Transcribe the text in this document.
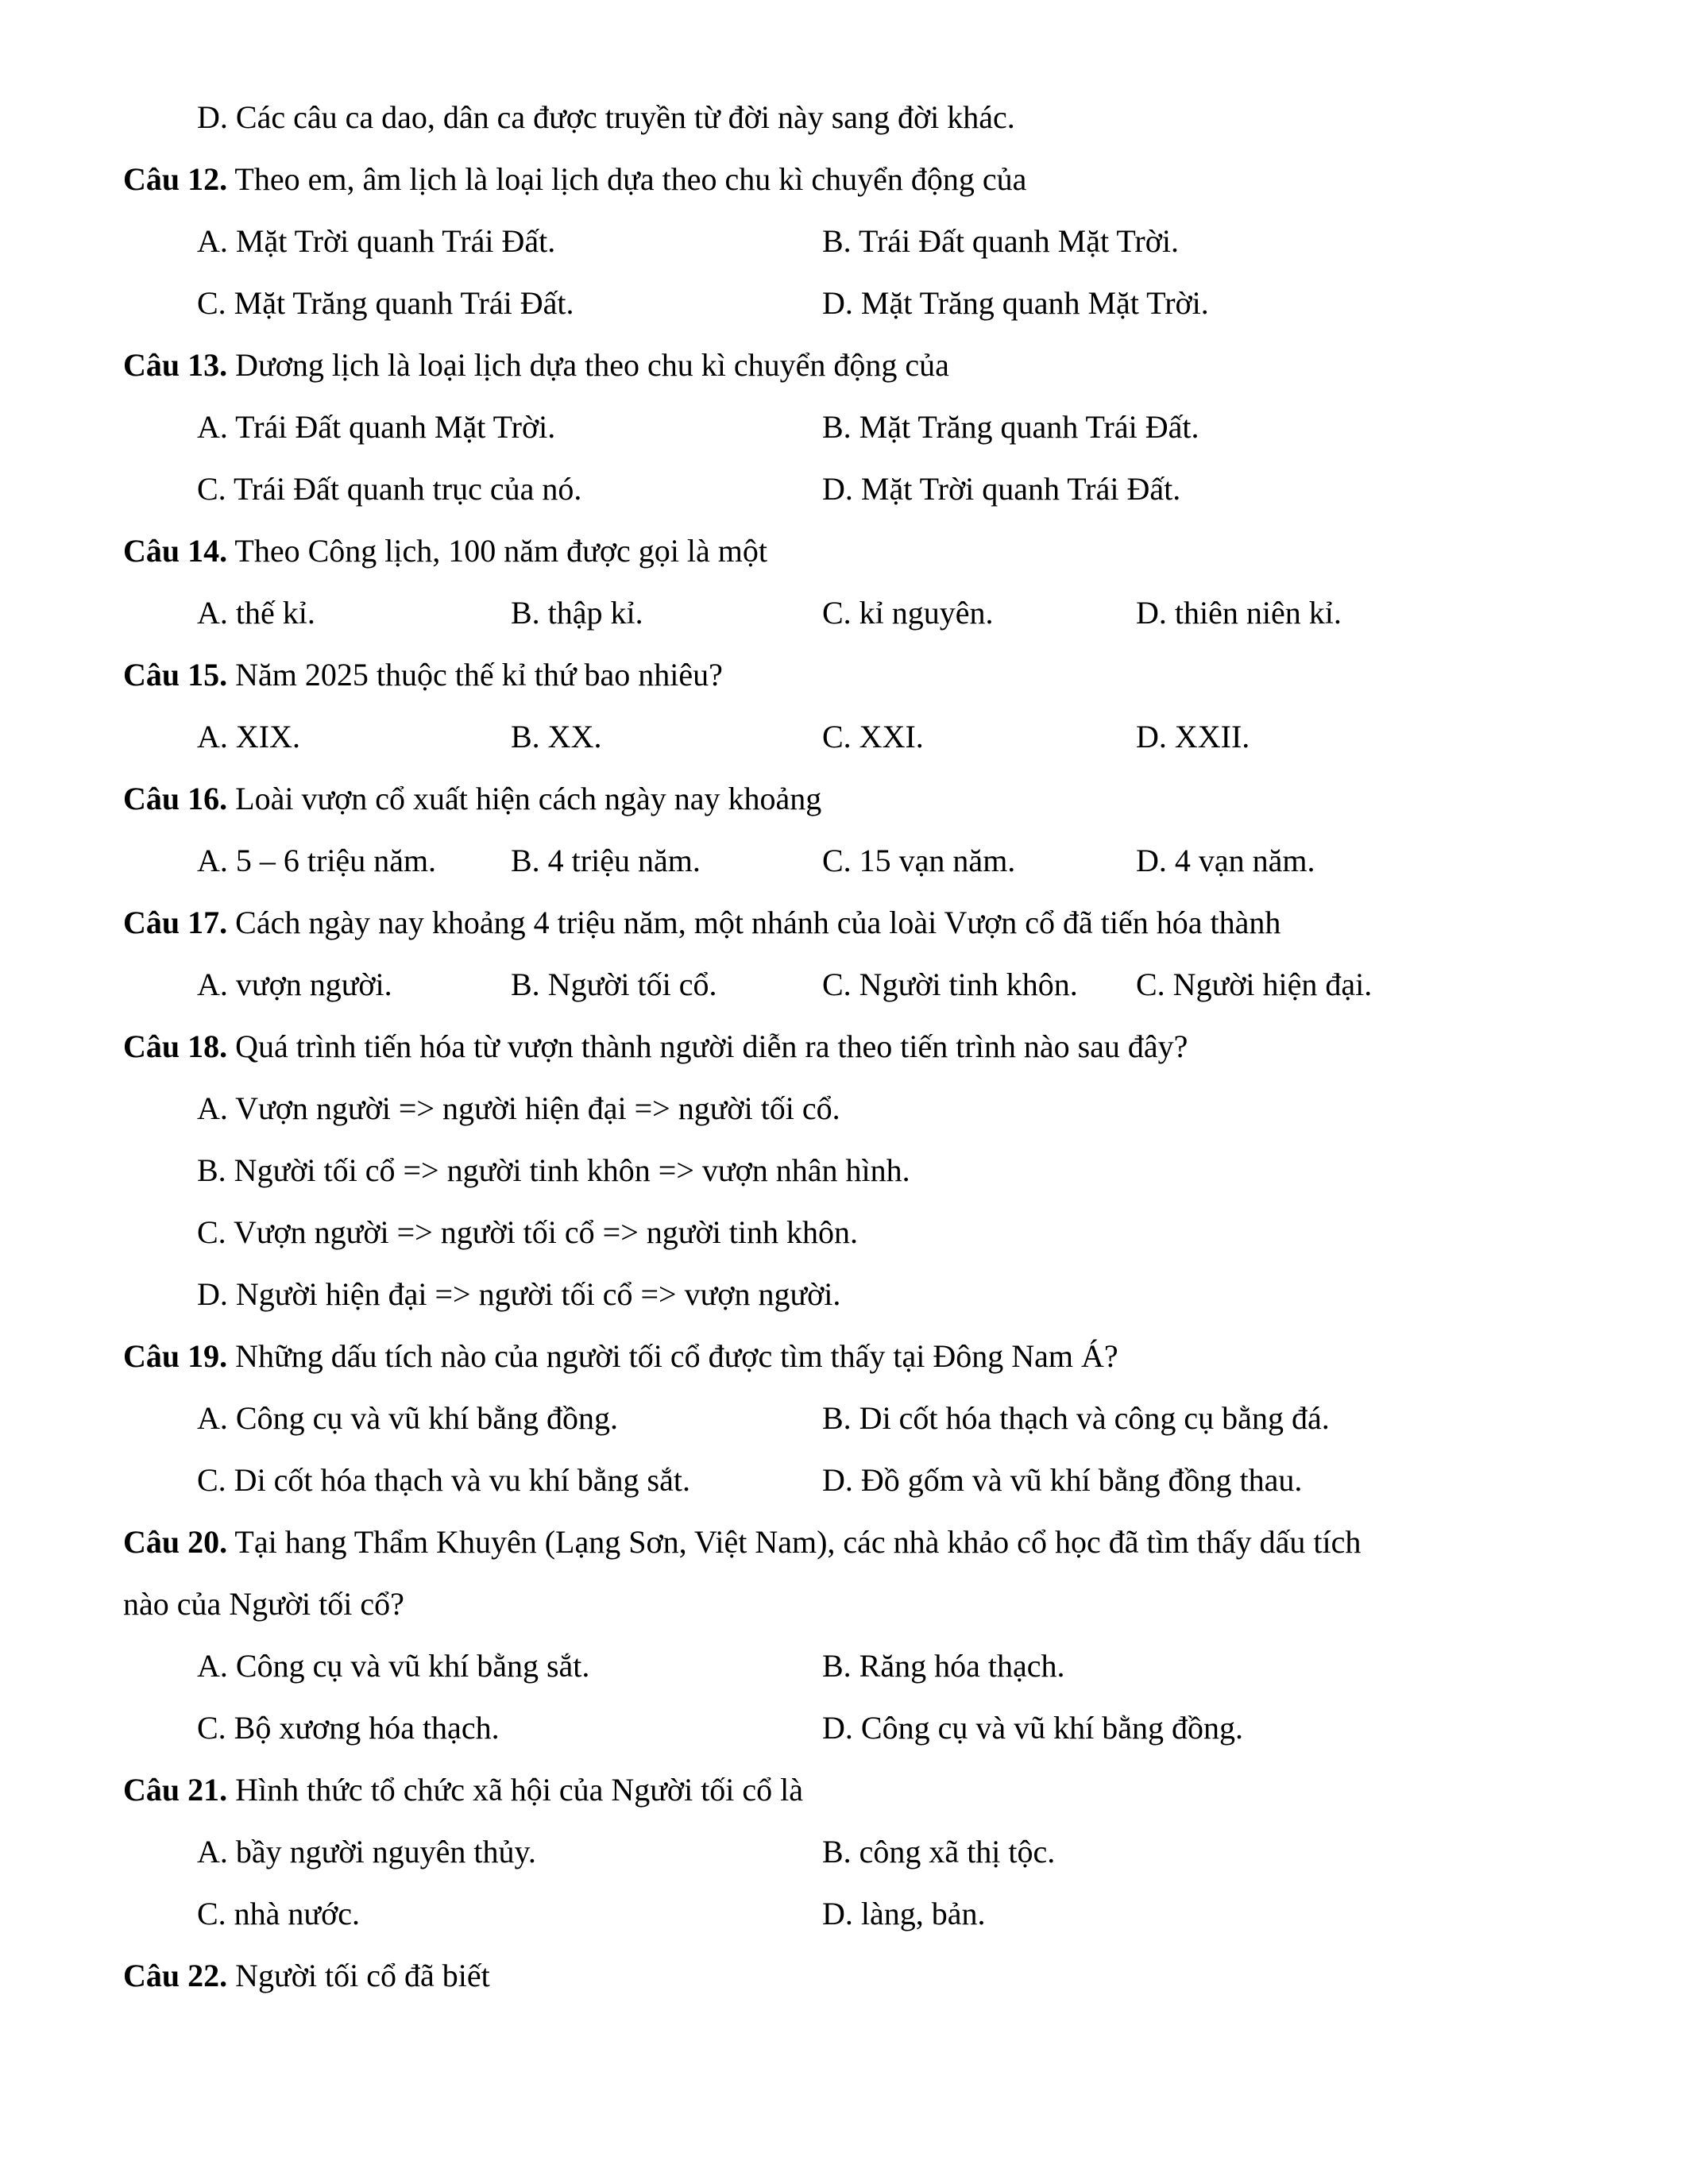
D. Các câu ca dao, dân ca được truyền từ đời này sang đời khác.
Câu 12. Theo em, âm lịch là loại lịch dựa theo chu kì chuyển động của
A. Mặt Trời quanh Trái Đất.	B. Trái Đất quanh Mặt Trời.
C. Mặt Trăng quanh Trái Đất.	D. Mặt Trăng quanh Mặt Trời.
Câu 13. Dương lịch là loại lịch dựa theo chu kì chuyển động của
A. Trái Đất quanh Mặt Trời.	B. Mặt Trăng quanh Trái Đất.
C. Trái Đất quanh trục của nó.	D. Mặt Trời quanh Trái Đất.
Câu 14. Theo Công lịch, 100 năm được gọi là một
A. thế kỉ.	B. thập kỉ.	C. kỉ nguyên.	D. thiên niên kỉ.
Câu 15. Năm 2025 thuộc thế kỉ thứ bao nhiêu?
A. XIX.	B. XX.	C. XXI.	D. XXII.
Câu 16. Loài vượn cổ xuất hiện cách ngày nay khoảng
A. 5 – 6 triệu năm. B. 4 triệu năm.	C. 15 vạn năm.	D. 4 vạn năm.
Câu 17. Cách ngày nay khoảng 4 triệu năm, một nhánh của loài Vượn cổ đã tiến hóa thành
A. vượn người.	B. Người tối cổ.	C. Người tinh khôn. C. Người hiện đại.
Câu 18. Quá trình tiến hóa từ vượn thành người diễn ra theo tiến trình nào sau đây?
A. Vượn người => người hiện đại => người tối cổ.
B. Người tối cổ => người tinh khôn => vượn nhân hình.
C. Vượn người => người tối cổ => người tinh khôn.
D. Người hiện đại => người tối cổ => vượn người.
Câu 19. Những dấu tích nào của người tối cổ được tìm thấy tại Đông Nam Á?
A. Công cụ và vũ khí bằng đồng.	B. Di cốt hóa thạch và công cụ bằng đá.
C. Di cốt hóa thạch và vu khí bằng sắt.	D. Đồ gốm và vũ khí bằng đồng thau.
Câu 20. Tại hang Thẩm Khuyên (Lạng Sơn, Việt Nam), các nhà khảo cổ học đã tìm thấy dấu tích
nào của Người tối cổ?
A. Công cụ và vũ khí bằng sắt.	B. Răng hóa thạch.
C. Bộ xương hóa thạch.	D. Công cụ và vũ khí bằng đồng.
Câu 21. Hình thức tổ chức xã hội của Người tối cổ là
A. bầy người nguyên thủy.	B. công xã thị tộc.
C. nhà nước.	D. làng, bản.
Câu 22. Người tối cổ đã biết
